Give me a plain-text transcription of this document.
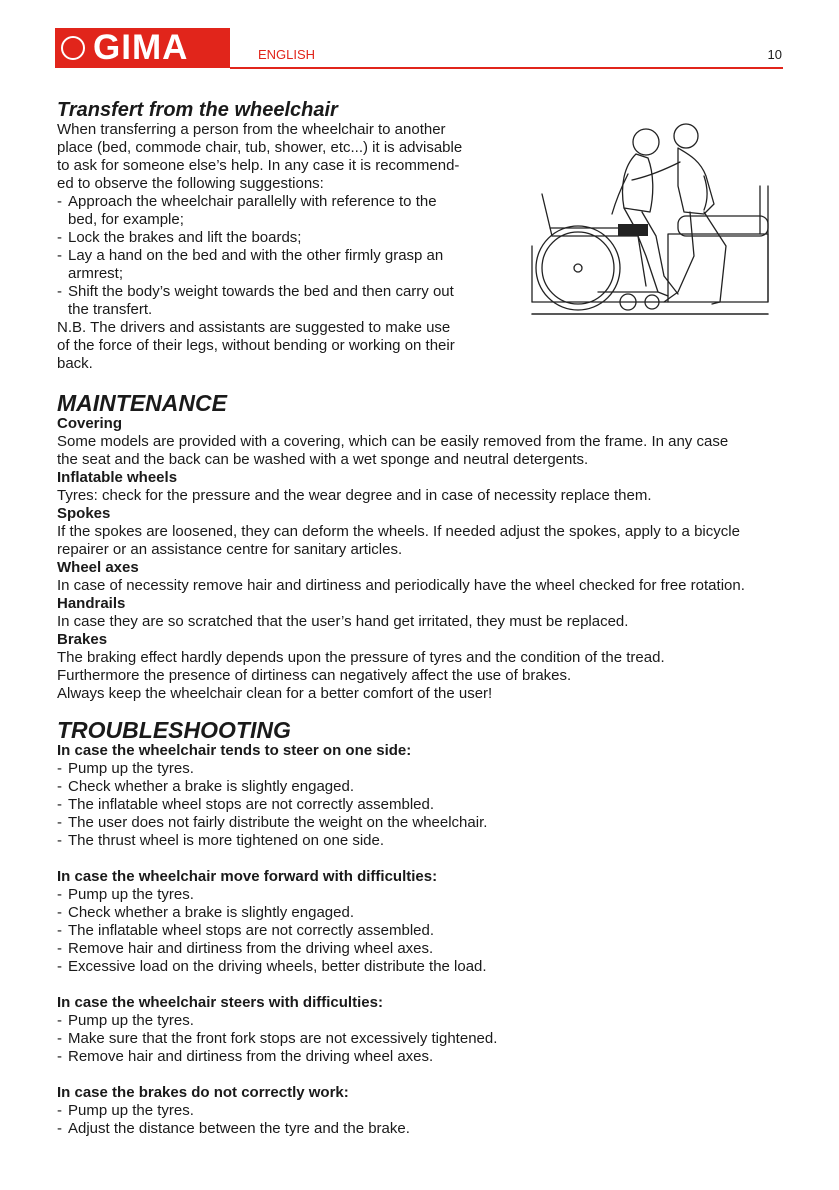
GIMA	ENGLISH	10
Transfert from the wheelchair
When transferring a person from the wheelchair to another
place (bed, commode chair, tub, shower, etc...) it is advisable
to ask for someone else’s help. In any case it is recommend-
ed to observe the following suggestions:
- Approach the wheelchair parallelly with reference to the
bed, for example;
- Lock the brakes and lift the boards;
- Lay a hand on the bed and with the other firmly grasp an
armrest;
- Shift the body’s weight towards the bed and then carry out
the transfert.
N.B. The drivers and assistants are suggested to make use
of the force of their legs, without bending or working on their
back.
MAINTENANCE
Covering
Some models are provided with a covering, which can be easily removed from the frame. In any case
the seat and the back can be washed with a wet sponge and neutral detergents.
Inflatable wheels
Tyres: check for the pressure and the wear degree and in case of necessity replace them.
Spokes
If the spokes are loosened, they can deform the wheels. If needed adjust the spokes, apply to a bicycle
repairer or an assistance centre for sanitary articles.
Wheel axes
In case of necessity remove hair and dirtiness and periodically have the wheel checked for free rotation.
Handrails
In case they are so scratched that the user’s hand get irritated, they must be replaced.
Brakes
The braking effect hardly depends upon the pressure of tyres and the condition of the tread.
Furthermore the presence of dirtiness can negatively affect the use of brakes.
Always keep the wheelchair clean for a better comfort of the user!
TROUBLESHOOTING
In case the wheelchair tends to steer on one side:
- Pump up the tyres.
- Check whether a brake is slightly engaged.
- The inflatable wheel stops are not correctly assembled.
- The user does not fairly distribute the weight on the wheelchair.
- The thrust wheel is more tightened on one side.
In case the wheelchair move forward with difficulties:
- Pump up the tyres.
- Check whether a brake is slightly engaged.
- The inflatable wheel stops are not correctly assembled.
- Remove hair and dirtiness from the driving wheel axes.
- Excessive load on the driving wheels, better distribute the load.
In case the wheelchair steers with difficulties:
- Pump up the tyres.
- Make sure that the front fork stops are not excessively tightened.
- Remove hair and dirtiness from the driving wheel axes.
In case the brakes do not correctly work:
- Pump up the tyres.
- Adjust the distance between the tyre and the brake.
